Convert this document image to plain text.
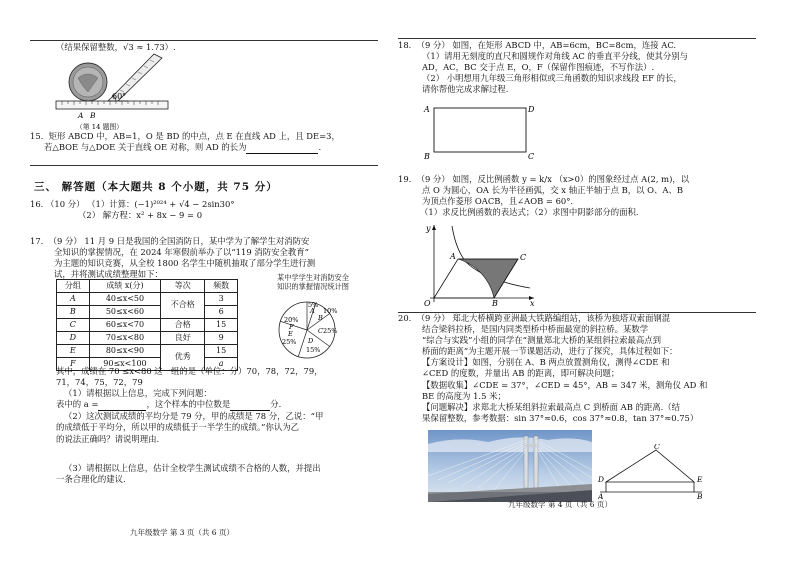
（结果保留整数，√3 ≈ 1.73）.
60°
A B
（第 14 题图）
15. 矩形 ABCD 中，AB=1，O 是 BD 的中点，点 E 在直线 AD 上，且 DE=3，
若△BOE 与△DOE 关于直线 OE 对称，则 AD 的长为	.
三、 解答题（本大题共 8 个小题，共 75 分）
16. （10 分） （1）计算：(−1)²⁰²⁴ + √4 − 2sin30°
（2） 解方程：x² + 8x − 9 = 0
17. （9 分） 11 月 9 日是我国的全国消防日，某中学为了解学生对消防安
全知识的掌握情况，在 2024 年寒假前举办了以“119 消防安全教育”
为主题的知识竞赛，从全校 1800 名学生中随机抽取了部分学生进行测
试，并将测试成绩整理如下：
分组	成绩 x(分)	等次	频数
A	40≤x<50	不合格	3
B	50≤x<60		6
C	60≤x<70	合格	15
D	70≤x<80	良好	9
E	80≤x<90	优秀	15
F	90≤x<100		a
某中学学生对消防安全
知识的掌握情况统计图
5%
A 10%
B
C 25%
D
15%
E
25%
20%
F
其中，成绩在 70 ≤x<80 这一组的是（单位：分）70，78，72，79，
71，74，75，72，79
（1）请根据以上信息，完成下列问题：
表中的 a =	，这个样本的中位数是	分.
（2）这次测试成绩的平均分是 79 分，甲的成绩是 78 分，乙说：“甲
的成绩低于平均分，所以甲的成绩低于一半学生的成绩。”你认为乙
的说法正确吗？请说明理由.
（3）请根据以上信息，估计全校学生测试成绩不合格的人数，并提出
一条合理化的建议.
九年级数学 第 3 页（共 6 页）
18. （9 分） 如图，在矩形 ABCD 中，AB=6cm，BC=8cm，连接 AC.
（1）请用无刻度的直尺和圆规作对角线 AC 的垂直平分线，使其分别与
AD，AC，BC 交于点 E，O，F（保留作图痕迹，不写作法）.
（2） 小明想用九年级三角形相似或三角函数的知识求线段 EF 的长，
请你帮他完成求解过程.
A	D
B	C
19. （9 分） 如图，反比例函数 y = k/x （x>0）的图象经过点 A(2, m)，以
点 O 为圆心，OA 长为半径画弧，交 x 轴正半轴于点 B，以 O、A、B
为顶点作菱形 OACB，且∠AOB = 60°.
（1）求反比例函数的表达式；（2）求图中阴影部分的面积.
y
x
O
A	C
B
20. （9 分） 郑北大桥横跨亚洲最大铁路编组站，该桥为独塔双索面钢混
结合梁斜拉桥，是国内同类型桥中桥面最宽的斜拉桥。某数学
“综合与实践”小组的同学在“测量郑北大桥的某组斜拉索最高点到
桥面的距离”为主题开展一节课题活动，进行了探究，具体过程如下：
【方案设计】如图，分别在 A、B 两点放置测角仪，测得∠CDE 和
∠CED 的度数，并量出 AB 的距离，即可解决问题；
【数据收集】∠CDE = 37°，∠CED = 45°，AB = 347 米，测角仪 AD 和
BE 的高度为 1.5 米；
【问题解决】求郑北大桥某组斜拉索最高点 C 到桥面 AB 的距离.（结
果保留整数，参考数据：sin 37°≈0.6，cos 37°≈0.8，tan 37°≈0.75）
C
D	E
A	B
九年级数学 第 4 页（共 6 页）
